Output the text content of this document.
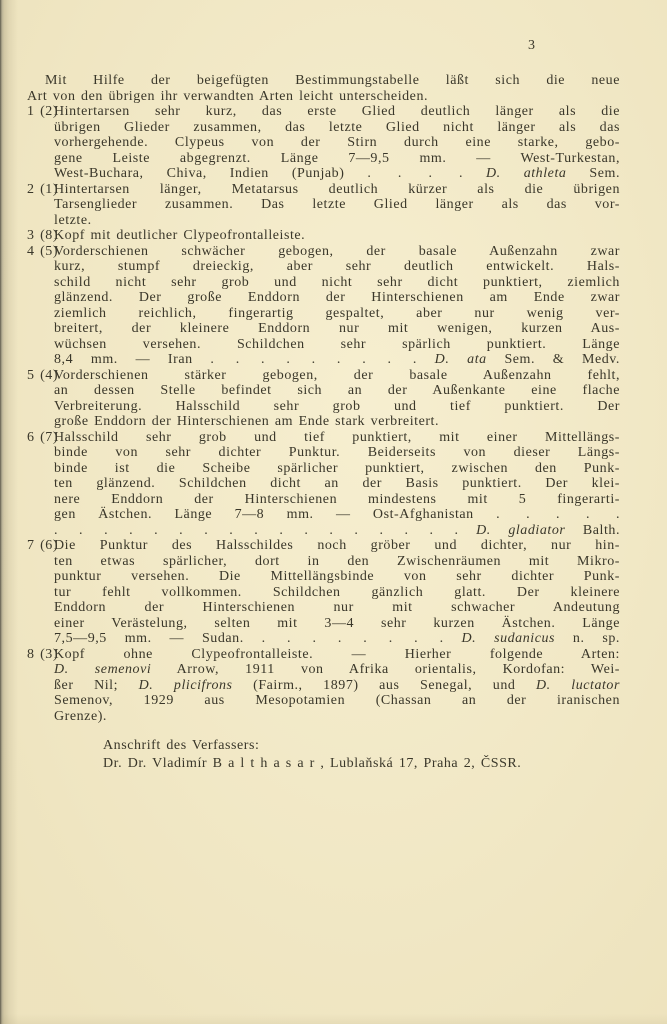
3
Mit Hilfe der beigefügten Bestimmungstabelle läßt sich die neue
Art von den übrigen ihr verwandten Arten leicht unterscheiden.
1 (2)
Hintertarsen sehr kurz, das erste Glied deutlich länger als die
übrigen Glieder zusammen, das letzte Glied nicht länger als das
vorhergehende. Clypeus von der Stirn durch eine starke, gebo-
gene Leiste abgegrenzt. Länge 7—9,5 mm. — West-Turkestan,
West-Buchara, Chiva, Indien (Punjab) . . . . D. athleta Sem.
2 (1)
Hintertarsen länger, Metatarsus deutlich kürzer als die übrigen
Tarsenglieder zusammen. Das letzte Glied länger als das vor-
letzte.
3 (8)
Kopf mit deutlicher Clypeofrontalleiste.
4 (5)
Vorderschienen schwächer gebogen, der basale Außenzahn zwar
kurz, stumpf dreieckig, aber sehr deutlich entwickelt. Hals-
schild nicht sehr grob und nicht sehr dicht punktiert, ziemlich
glänzend. Der große Enddorn der Hinterschienen am Ende zwar
ziemlich reichlich, fingerartig gespaltet, aber nur wenig ver-
breitert, der kleinere Enddorn nur mit wenigen, kurzen Aus-
wüchsen versehen. Schildchen sehr spärlich punktiert. Länge
8,4 mm. — Iran . . . . . . . . . D. ata Sem. & Medv.
5 (4)
Vorderschienen stärker gebogen, der basale Außenzahn fehlt,
an dessen Stelle befindet sich an der Außenkante eine flache
Verbreiterung. Halsschild sehr grob und tief punktiert. Der
große Enddorn der Hinterschienen am Ende stark verbreitert.
6 (7)
Halsschild sehr grob und tief punktiert, mit einer Mittellängs-
binde von sehr dichter Punktur. Beiderseits von dieser Längs-
binde ist die Scheibe spärlicher punktiert, zwischen den Punk-
ten glänzend. Schildchen dicht an der Basis punktiert. Der klei-
nere Enddorn der Hinterschienen mindestens mit 5 fingerarti-
gen Ästchen. Länge 7—8 mm. — Ost-Afghanistan . . . . .
. . . . . . . . . . . . . . . . . D. gladiator Balth.
7 (6)
Die Punktur des Halsschildes noch gröber und dichter, nur hin-
ten etwas spärlicher, dort in den Zwischenräumen mit Mikro-
punktur versehen. Die Mittellängsbinde von sehr dichter Punk-
tur fehlt vollkommen. Schildchen gänzlich glatt. Der kleinere
Enddorn der Hinterschienen nur mit schwacher Andeutung
einer Verästelung, selten mit 3—4 sehr kurzen Ästchen. Länge
7,5—9,5 mm. — Sudan. . . . . . . . . D. sudanicus n. sp.
8 (3)
Kopf ohne Clypeofrontalleiste. — Hierher folgende Arten:
D. semenovi Arrow, 1911 von Afrika orientalis, Kordofan: Wei-
ßer Nil; D. plicifrons (Fairm., 1897) aus Senegal, und D. luctator
Semenov, 1929 aus Mesopotamien (Chassan an der iranischen
Grenze).
Anschrift des Verfassers:
Dr. Dr. Vladimír B a l t h a s a r , Lublaňská 17, Praha 2, ČSSR.
